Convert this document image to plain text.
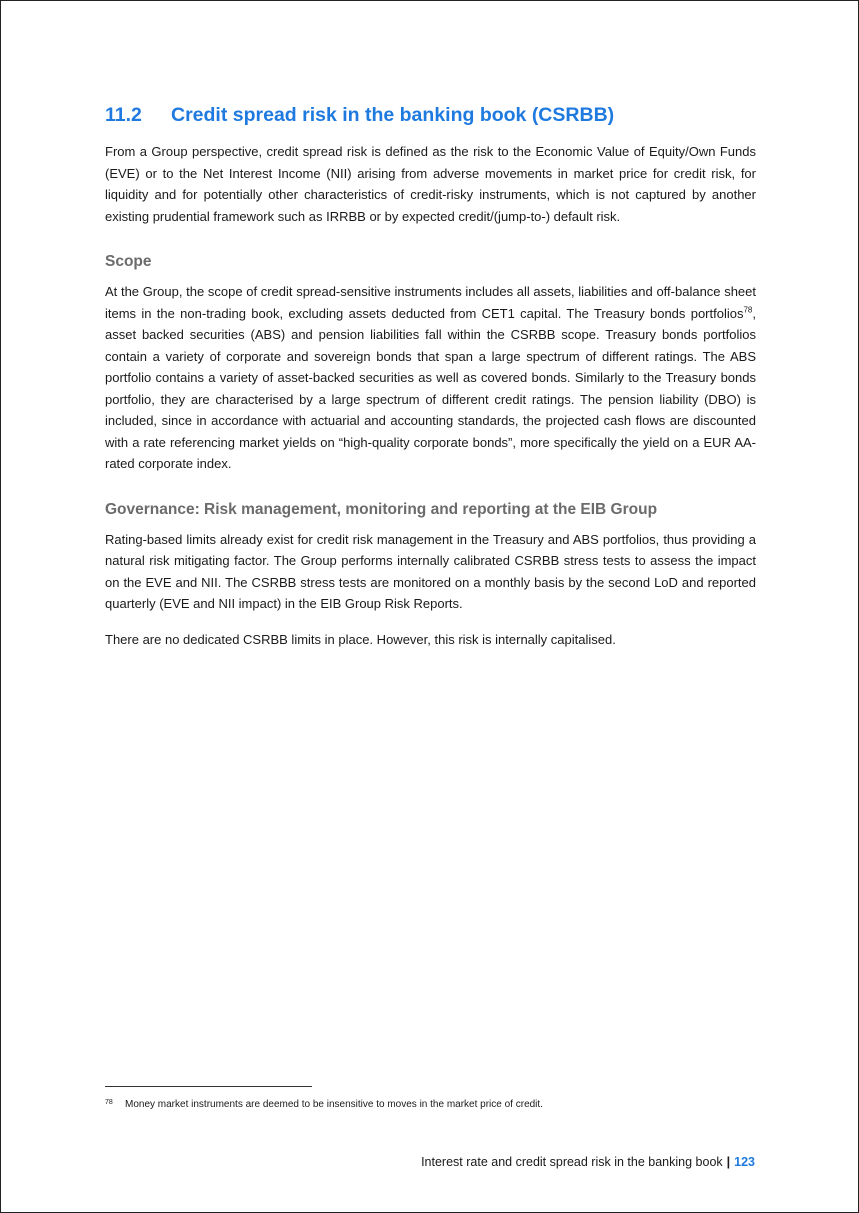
11.2	Credit spread risk in the banking book (CSRBB)

From a Group perspective, credit spread risk is defined as the risk to the Economic Value of Equity/Own Funds (EVE) or to the Net Interest Income (NII) arising from adverse movements in market price for credit risk, for liquidity and for potentially other characteristics of credit-risky instruments, which is not captured by another existing prudential framework such as IRRBB or by expected credit/(jump-to-) default risk.

Scope

At the Group, the scope of credit spread-sensitive instruments includes all assets, liabilities and off-balance sheet items in the non-trading book, excluding assets deducted from CET1 capital. The Treasury bonds portfolios$^{78}$, asset backed securities (ABS) and pension liabilities fall within the CSRBB scope. Treasury bonds portfolios contain a variety of corporate and sovereign bonds that span a large spectrum of different ratings. The ABS portfolio contains a variety of asset-backed securities as well as covered bonds. Similarly to the Treasury bonds portfolio, they are characterised by a large spectrum of different credit ratings. The pension liability (DBO) is included, since in accordance with actuarial and accounting standards, the projected cash flows are discounted with a rate referencing market yields on “high-quality corporate bonds”, more specifically the yield on a EUR AA-rated corporate index.

Governance: Risk management, monitoring and reporting at the EIB Group

Rating-based limits already exist for credit risk management in the Treasury and ABS portfolios, thus providing a natural risk mitigating factor. The Group performs internally calibrated CSRBB stress tests to assess the impact on the EVE and NII. The CSRBB stress tests are monitored on a monthly basis by the second LoD and reported quarterly (EVE and NII impact) in the EIB Group Risk Reports.

There are no dedicated CSRBB limits in place. However, this risk is internally capitalised.

78	Money market instruments are deemed to be insensitive to moves in the market price of credit.
Interest rate and credit spread risk in the banking book | 123
